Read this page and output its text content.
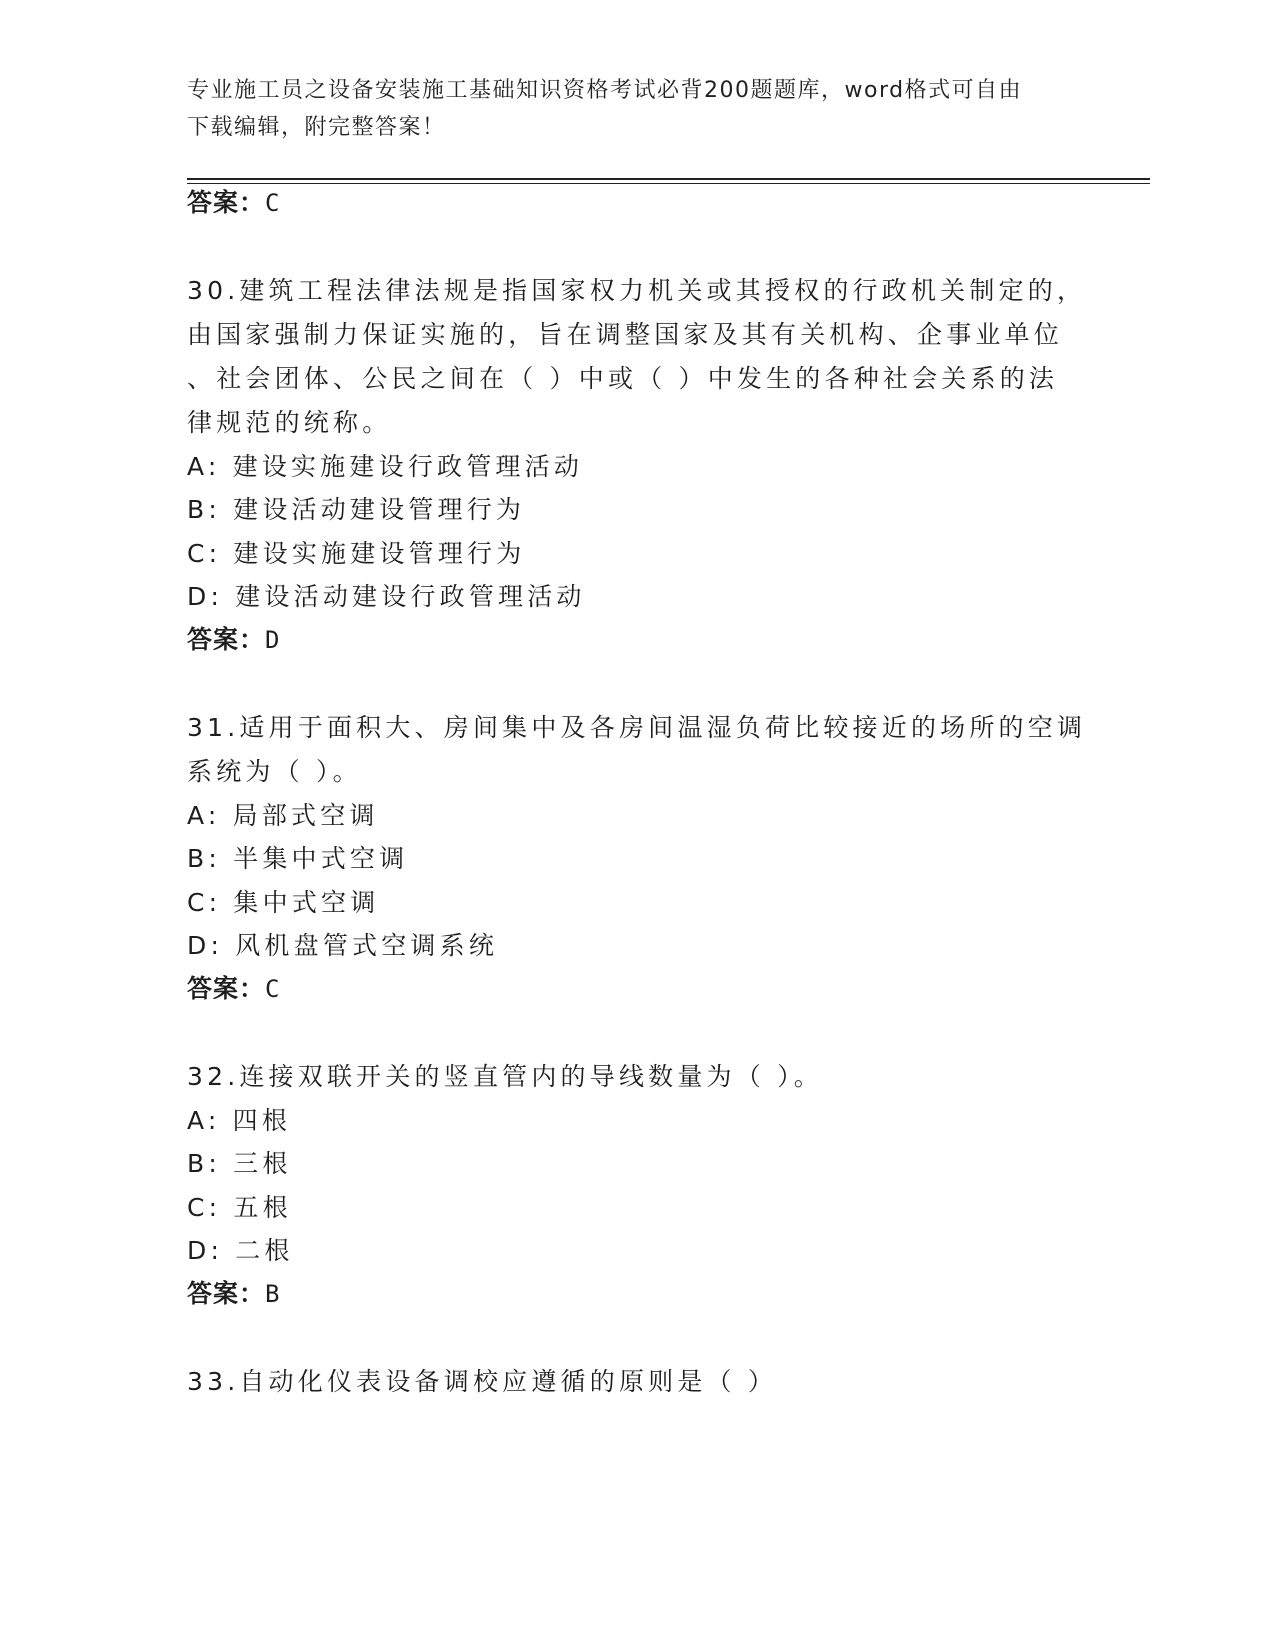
专业施工员之设备安装施工基础知识资格考试必背200题题库，word格式可自由
下载编辑，附完整答案！
答案：C
30.建筑工程法律法规是指国家权力机关或其授权的行政机关制定的，
由国家强制力保证实施的，旨在调整国家及其有关机构、企事业单位
、社会团体、公民之间在（ ）中或（ ）中发生的各种社会关系的法
律规范的统称。
A: 建设实施建设行政管理活动
B: 建设活动建设管理行为
C: 建设实施建设管理行为
D: 建设活动建设行政管理活动
答案：D
31.适用于面积大、房间集中及各房间温湿负荷比较接近的场所的空调
系统为（ ）。
A: 局部式空调
B: 半集中式空调
C: 集中式空调
D: 风机盘管式空调系统
答案：C
32.连接双联开关的竖直管内的导线数量为（ ）。
A: 四根
B: 三根
C: 五根
D: 二根
答案：B
33.自动化仪表设备调校应遵循的原则是（ ）
